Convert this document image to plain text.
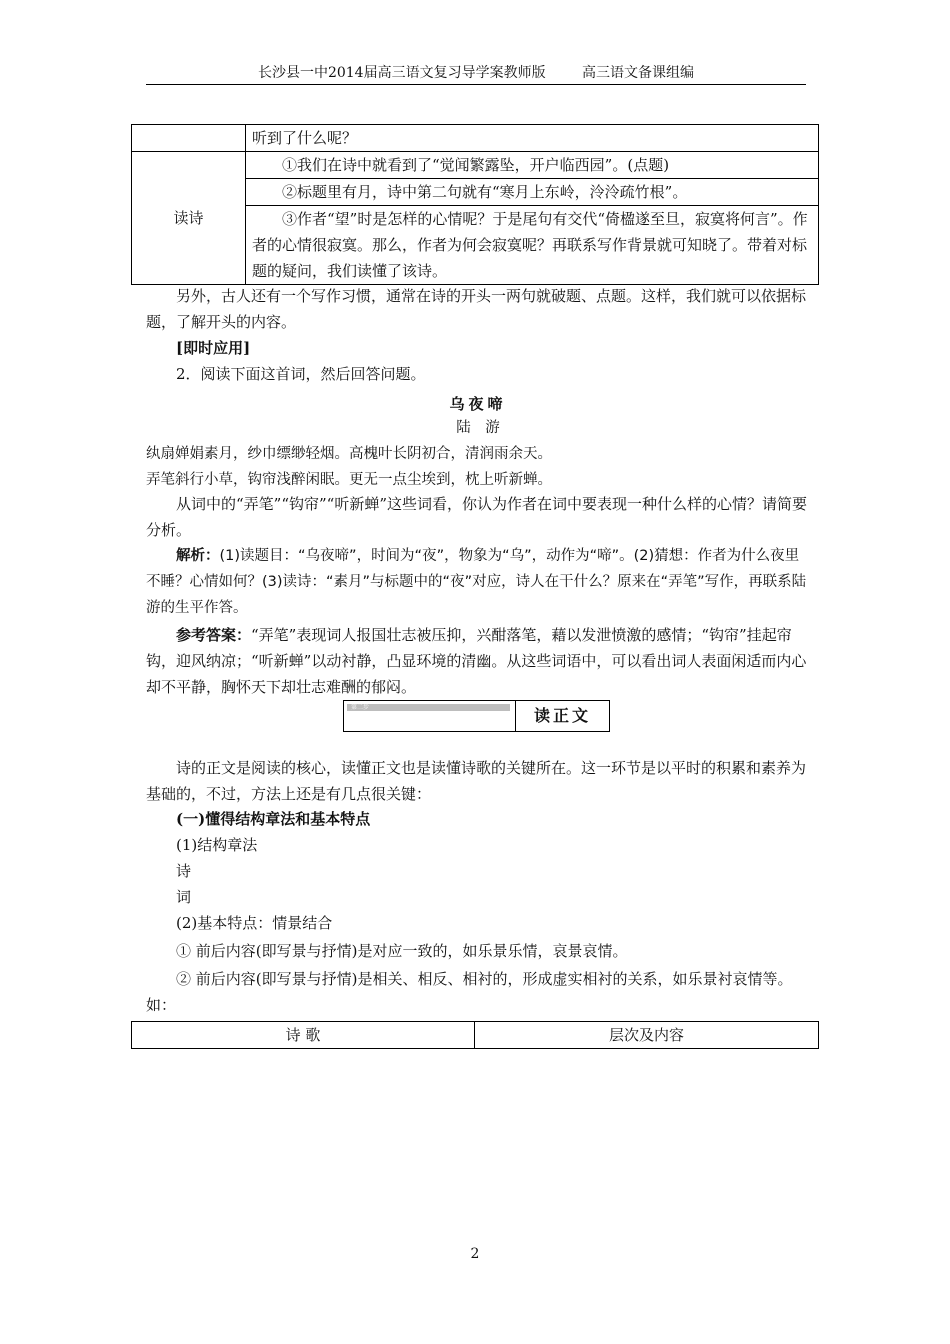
长沙县一中2014届高三语文复习导学案教师版	高三语文备课组编
	听到了什么呢？
读诗	①我们在诗中就看到了“觉闻繁露坠，开户临西园”。(点题)
	②标题里有月，诗中第二句就有“寒月上东岭，泠泠疏竹根”。
	③作者“望”时是怎样的心情呢？于是尾句有交代“倚楹遂至旦，寂寞将何言”。作者的心情很寂寞。那么，作者为何会寂寞呢？再联系写作背景就可知晓了。带着对标题的疑问，我们读懂了该诗。

另外，古人还有一个写作习惯，通常在诗的开头一两句就破题、点题。这样，我们就可以依据标题，了解开头的内容。

[即时应用]

2．阅读下面这首词，然后回答问题。

乌夜啼

陆　游

纨扇婵娟素月，纱巾缥缈轻烟。高槐叶长阴初合，清润雨余天。

弄笔斜行小草，钩帘浅醉闲眠。更无一点尘埃到，枕上听新蝉。

从词中的“弄笔”“钩帘”“听新蝉”这些词看，你认为作者在词中要表现一种什么样的心情？请简要分析。

解析：(1)读题目：“乌夜啼”，时间为“夜”，物象为“乌”，动作为“啼”。(2)猜想：作者为什么夜里不睡？心情如何？(3)读诗：“素月”与标题中的“夜”对应，诗人在干什么？原来在“弄笔”写作，再联系陆游的生平作答。

参考答案：“弄笔”表现词人报国壮志被压抑，兴酣落笔，藉以发泄愤激的感情；“钩帘”挂起帘钩，迎风纳凉；“听新蝉”以动衬静，凸显环境的清幽。从这些词语中，可以看出词人表面闲适而内心却不平静，胸怀天下却壮志难酬的郁闷。

第二步	读正文

诗的正文是阅读的核心，读懂正文也是读懂诗歌的关键所在。这一环节是以平时的积累和素养为基础的，不过，方法上还是有几点很关键：

(一)懂得结构章法和基本特点

(1)结构章法

诗

词

(2)基本特点：情景结合

① 前后内容(即写景与抒情)是对应一致的，如乐景乐情，哀景哀情。

② 前后内容(即写景与抒情)是相关、相反、相衬的，形成虚实相衬的关系，如乐景衬哀情等。如：

诗 歌	层次及内容
2
